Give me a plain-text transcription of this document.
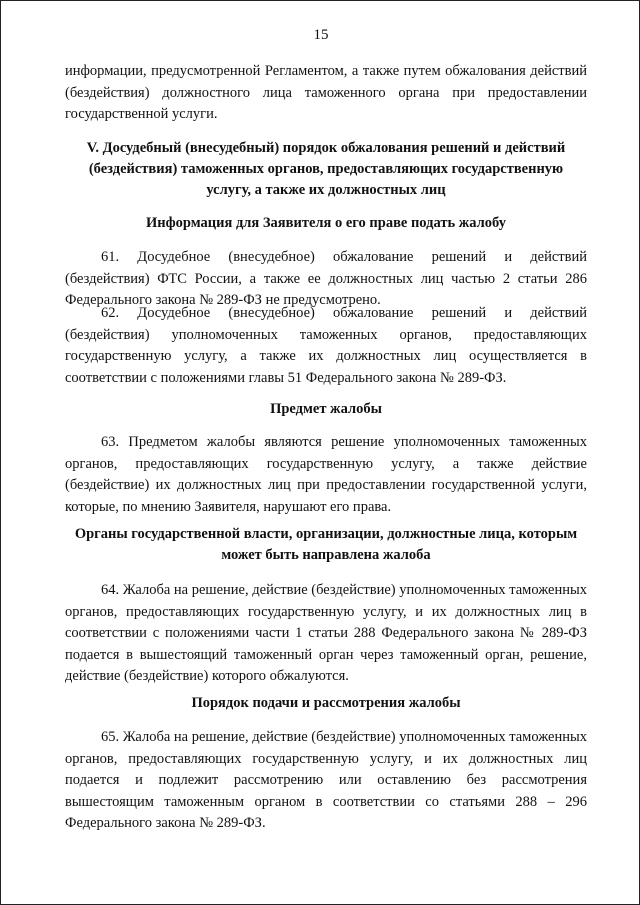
15

информации, предусмотренной Регламентом, а также путем обжалования действий (бездействия) должностного лица таможенного органа при предоставлении государственной услуги.

V. Досудебный (внесудебный) порядок обжалования решений и действий (бездействия) таможенных органов, предоставляющих государственную услугу, а также их должностных лиц
Информация для Заявителя о его праве подать жалобу

61. Досудебное (внесудебное) обжалование решений и действий (бездействия) ФТС России, а также ее должностных лиц частью 2 статьи 286 Федерального закона № 289-ФЗ не предусмотрено.

62. Досудебное (внесудебное) обжалование решений и действий (бездействия) уполномоченных таможенных органов, предоставляющих государственную услугу, а также их должностных лиц осуществляется в соответствии с положениями главы 51 Федерального закона № 289-ФЗ.

Предмет жалобы

63. Предметом жалобы являются решение уполномоченных таможенных органов, предоставляющих государственную услугу, а также действие (бездействие) их должностных лиц при предоставлении государственной услуги, которые, по мнению Заявителя, нарушают его права.

Органы государственной власти, организации, должностные лица, которым может быть направлена жалоба

64. Жалоба на решение, действие (бездействие) уполномоченных таможенных органов, предоставляющих государственную услугу, и их должностных лиц в соответствии с положениями части 1 статьи 288 Федерального закона № 289-ФЗ подается в вышестоящий таможенный орган через таможенный орган, решение, действие (бездействие) которого обжалуются.

Порядок подачи и рассмотрения жалобы

65. Жалоба на решение, действие (бездействие) уполномоченных таможенных органов, предоставляющих государственную услугу, и их должностных лиц подается и подлежит рассмотрению или оставлению без рассмотрения вышестоящим таможенным органом в соответствии со статьями 288 – 296 Федерального закона № 289-ФЗ.
